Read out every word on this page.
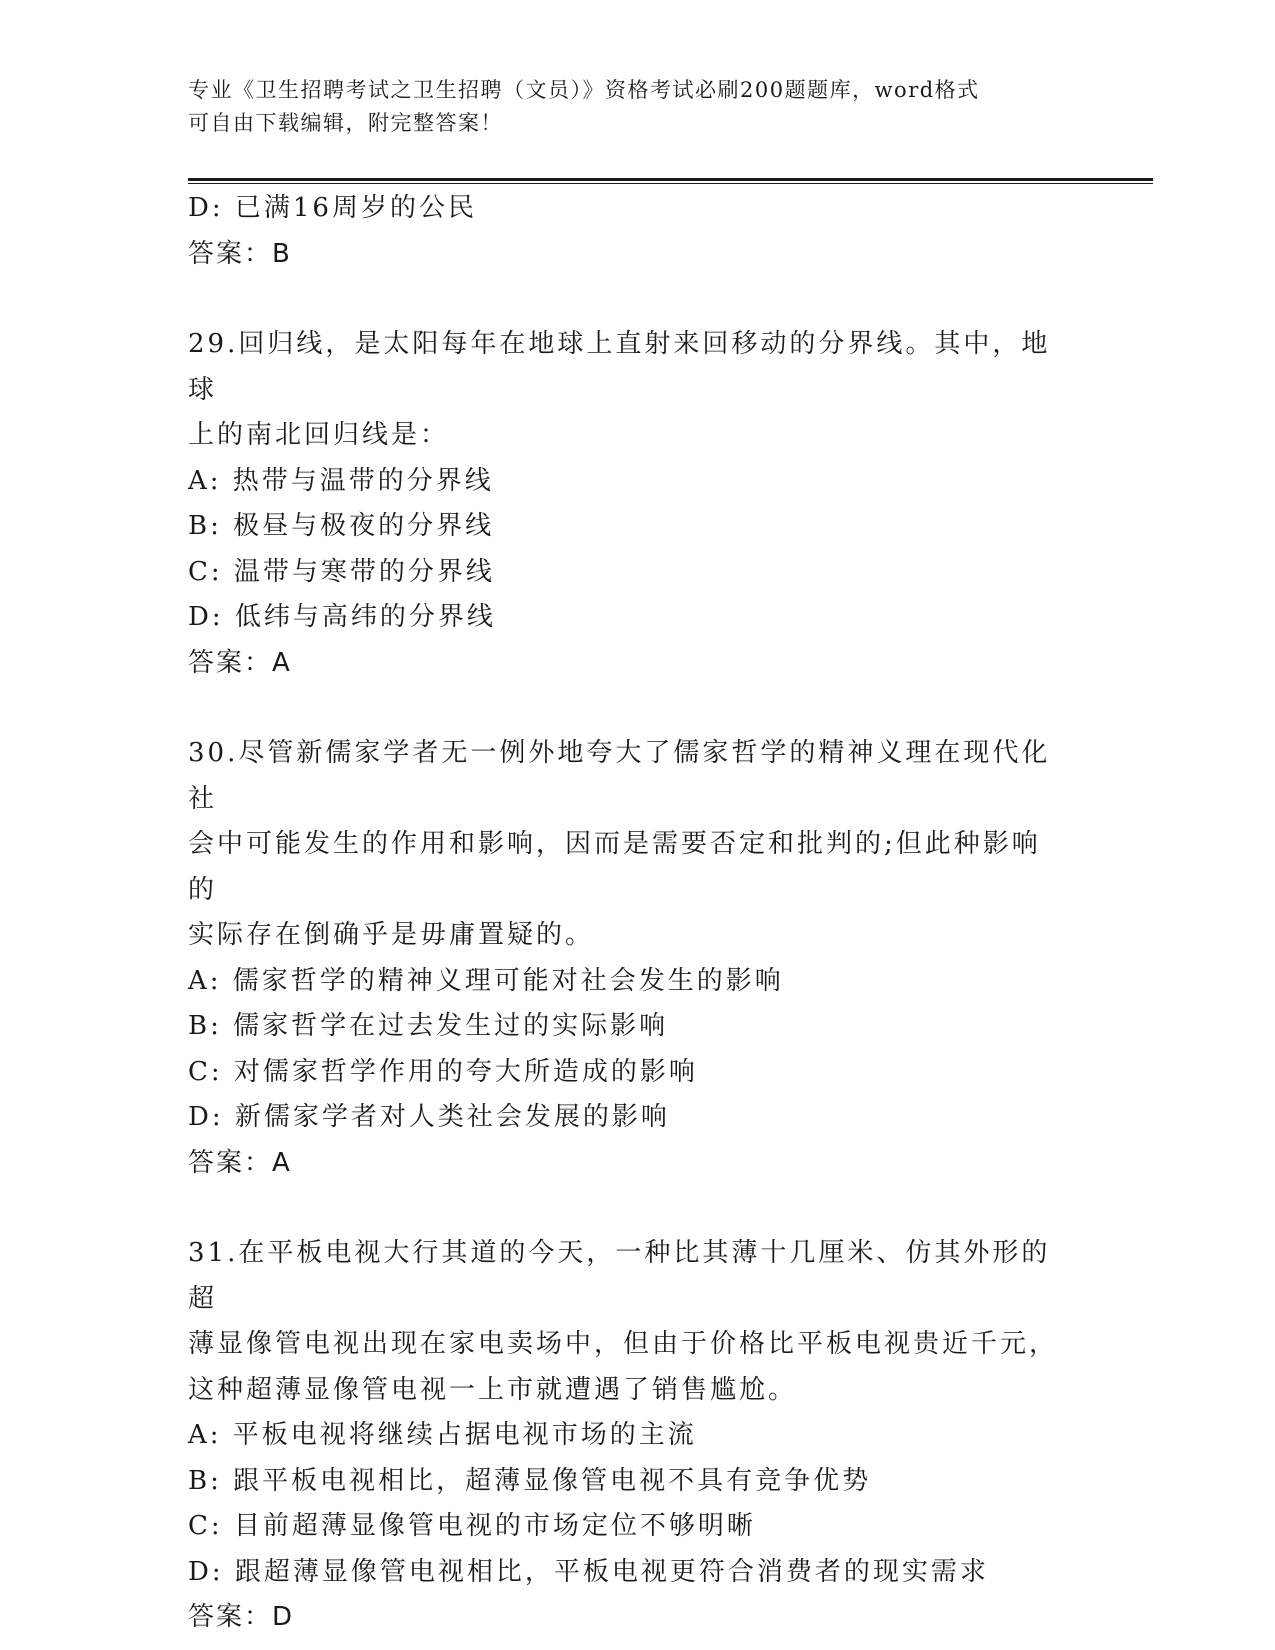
专业《卫生招聘考试之卫生招聘（文员）》资格考试必刷200题题库，word格式
可自由下载编辑，附完整答案！
D: 已满16周岁的公民
答案：B
29.回归线，是太阳每年在地球上直射来回移动的分界线。其中，地球
上的南北回归线是：
A: 热带与温带的分界线
B: 极昼与极夜的分界线
C: 温带与寒带的分界线
D: 低纬与高纬的分界线
答案：A
30.尽管新儒家学者无一例外地夸大了儒家哲学的精神义理在现代化社
会中可能发生的作用和影响，因而是需要否定和批判的;但此种影响的
实际存在倒确乎是毋庸置疑的。
A: 儒家哲学的精神义理可能对社会发生的影响
B: 儒家哲学在过去发生过的实际影响
C: 对儒家哲学作用的夸大所造成的影响
D: 新儒家学者对人类社会发展的影响
答案：A
31.在平板电视大行其道的今天，一种比其薄十几厘米、仿其外形的超
薄显像管电视出现在家电卖场中，但由于价格比平板电视贵近千元，
这种超薄显像管电视一上市就遭遇了销售尴尬。
A: 平板电视将继续占据电视市场的主流
B: 跟平板电视相比，超薄显像管电视不具有竞争优势
C: 目前超薄显像管电视的市场定位不够明晰
D: 跟超薄显像管电视相比，平板电视更符合消费者的现实需求
答案：D
